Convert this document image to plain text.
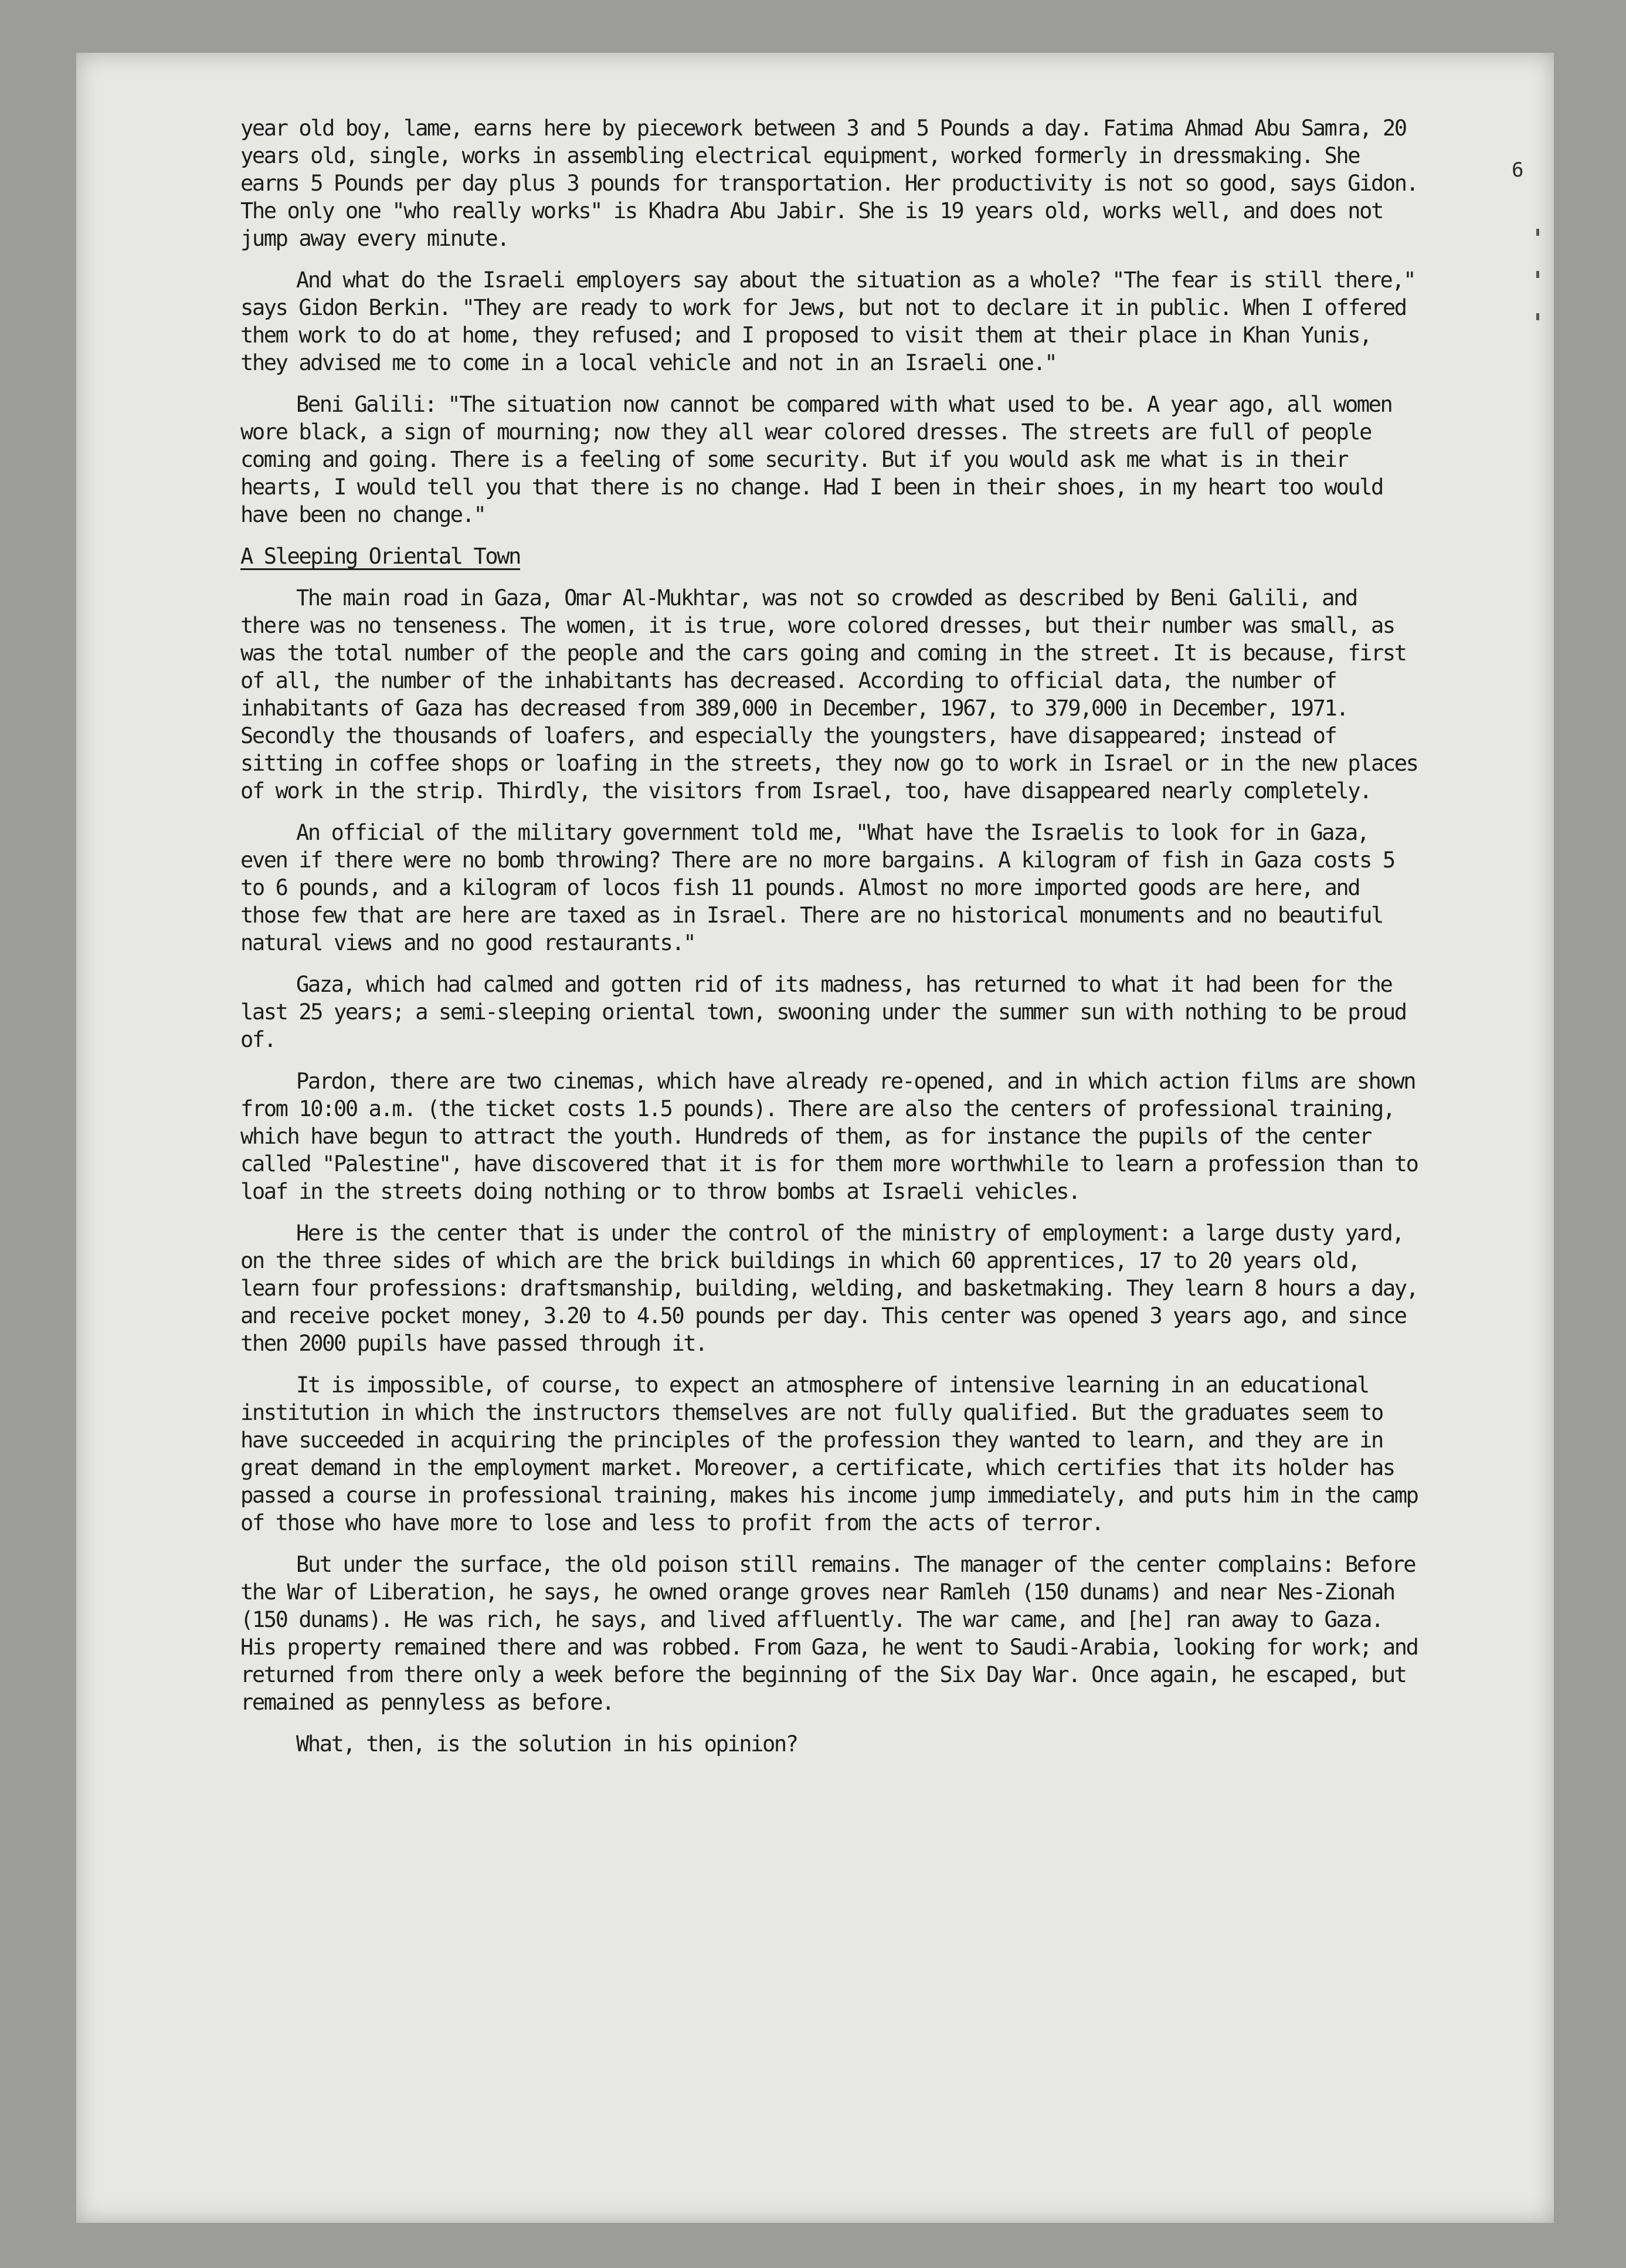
6

year old boy, lame, earns here by piecework between 3 and 5 Pounds a day. Fatima Ahmad Abu Samra, 20 years old, single, works in assembling electrical equipment, worked formerly in dressmaking. She earns 5 Pounds per day plus 3 pounds for transportation. Her productivity is not so good, says Gidon. The only one "who really works" is Khadra Abu Jabir. She is 19 years old, works well, and does not jump away every minute.

And what do the Israeli employers say about the situation as a whole? "The fear is still there," says Gidon Berkin. "They are ready to work for Jews, but not to declare it in public. When I offered them work to do at home, they refused; and I proposed to visit them at their place in Khan Yunis, they advised me to come in a local vehicle and not in an Israeli one."

Beni Galili: "The situation now cannot be compared with what used to be. A year ago, all women wore black, a sign of mourning; now they all wear colored dresses. The streets are full of people coming and going. There is a feeling of some security. But if you would ask me what is in their hearts, I would tell you that there is no change. Had I been in their shoes, in my heart too would have been no change."

A Sleeping Oriental Town

The main road in Gaza, Omar Al-Mukhtar, was not so crowded as described by Beni Galili, and there was no tenseness. The women, it is true, wore colored dresses, but their number was small, as was the total number of the people and the cars going and coming in the street. It is because, first of all, the number of the inhabitants has decreased. According to official data, the number of inhabitants of Gaza has decreased from 389,000 in December, 1967, to 379,000 in December, 1971. Secondly the thousands of loafers, and especially the youngsters, have disappeared; instead of sitting in coffee shops or loafing in the streets, they now go to work in Israel or in the new places of work in the strip. Thirdly, the visitors from Israel, too, have disappeared nearly completely.

An official of the military government told me, "What have the Israelis to look for in Gaza, even if there were no bomb throwing? There are no more bargains. A kilogram of fish in Gaza costs 5 to 6 pounds, and a kilogram of locos fish 11 pounds. Almost no more imported goods are here, and those few that are here are taxed as in Israel. There are no historical monuments and no beautiful natural views and no good restaurants."

Gaza, which had calmed and gotten rid of its madness, has returned to what it had been for the last 25 years; a semi-sleeping oriental town, swooning under the summer sun with nothing to be proud of.

Pardon, there are two cinemas, which have already re-opened, and in which action films are shown from 10:00 a.m. (the ticket costs 1.5 pounds). There are also the centers of professional training, which have begun to attract the youth. Hundreds of them, as for instance the pupils of the center called "Palestine", have discovered that it is for them more worthwhile to learn a profession than to loaf in the streets doing nothing or to throw bombs at Israeli vehicles.

Here is the center that is under the control of the ministry of employment: a large dusty yard, on the three sides of which are the brick buildings in which 60 apprentices, 17 to 20 years old, learn four professions: draftsmanship, building, welding, and basketmaking. They learn 8 hours a day, and receive pocket money, 3.20 to 4.50 pounds per day. This center was opened 3 years ago, and since then 2000 pupils have passed through it.

It is impossible, of course, to expect an atmosphere of intensive learning in an educational institution in which the instructors themselves are not fully qualified. But the graduates seem to have succeeded in acquiring the principles of the profession they wanted to learn, and they are in great demand in the employment market. Moreover, a certificate, which certifies that its holder has passed a course in professional training, makes his income jump immediately, and puts him in the camp of those who have more to lose and less to profit from the acts of terror.

But under the surface, the old poison still remains. The manager of the center complains: Before the War of Liberation, he says, he owned orange groves near Ramleh (150 dunams) and near Nes-Zionah (150 dunams). He was rich, he says, and lived affluently. The war came, and [he] ran away to Gaza. His property remained there and was robbed. From Gaza, he went to Saudi-Arabia, looking for work; and returned from there only a week before the beginning of the Six Day War. Once again, he escaped, but remained as pennyless as before.

What, then, is the solution in his opinion?
